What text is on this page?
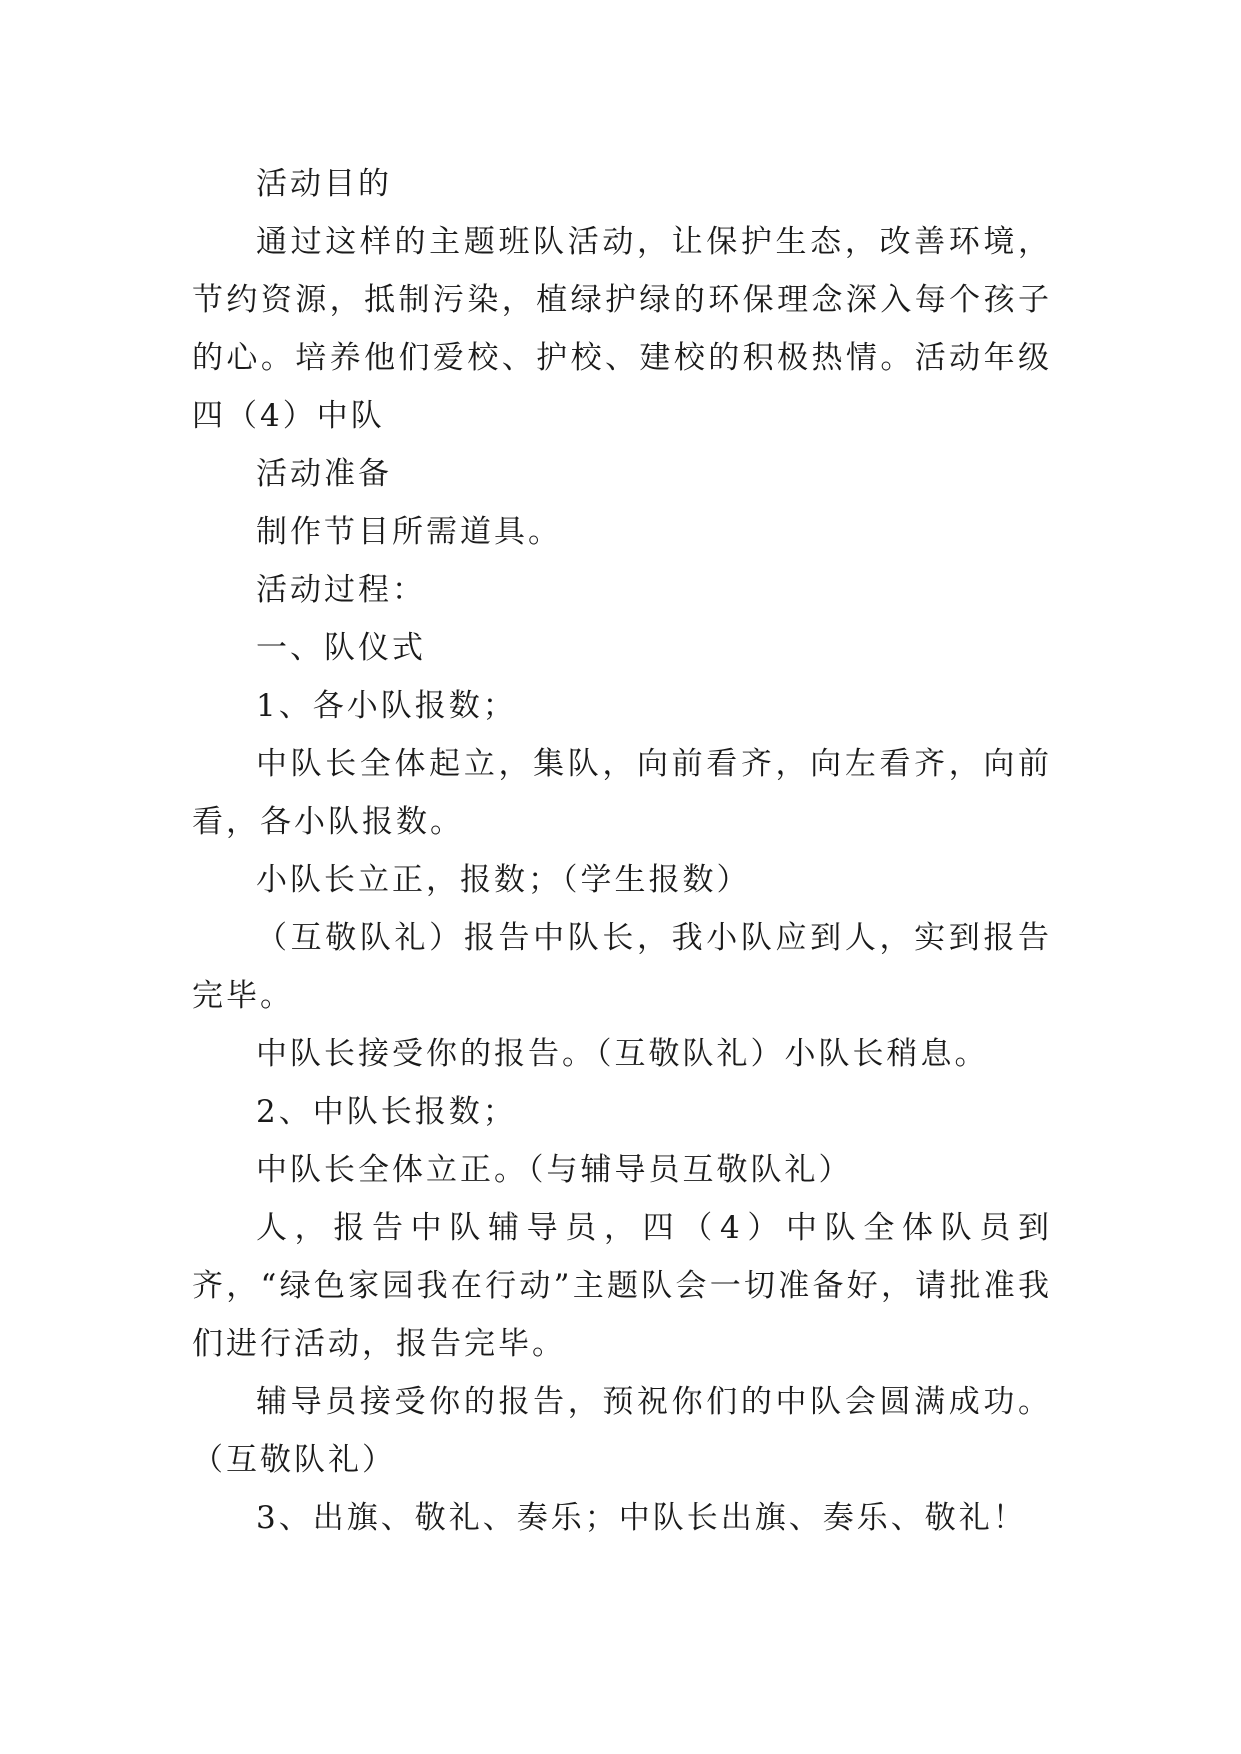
活动目的

通过这样的主题班队活动，让保护生态，改善环境，节约资源，抵制污染，植绿护绿的环保理念深入每个孩子的心。培养他们爱校、护校、建校的积极热情。活动年级四（4）中队

活动准备

制作节目所需道具。

活动过程：

一、队仪式

1、各小队报数；

中队长全体起立，集队，向前看齐，向左看齐，向前看，各小队报数。

小队长立正，报数；（学生报数）

（互敬队礼）报告中队长，我小队应到人，实到报告完毕。

中队长接受你的报告。（互敬队礼）小队长稍息。

2、中队长报数；

中队长全体立正。（与辅导员互敬队礼）

人，报告中队辅导员，四（4）中队全体队员到齐，“绿色家园我在行动”主题队会一切准备好，请批准我们进行活动，报告完毕。

辅导员接受你的报告，预祝你们的中队会圆满成功。（互敬队礼）

3、出旗、敬礼、奏乐；中队长出旗、奏乐、敬礼！
